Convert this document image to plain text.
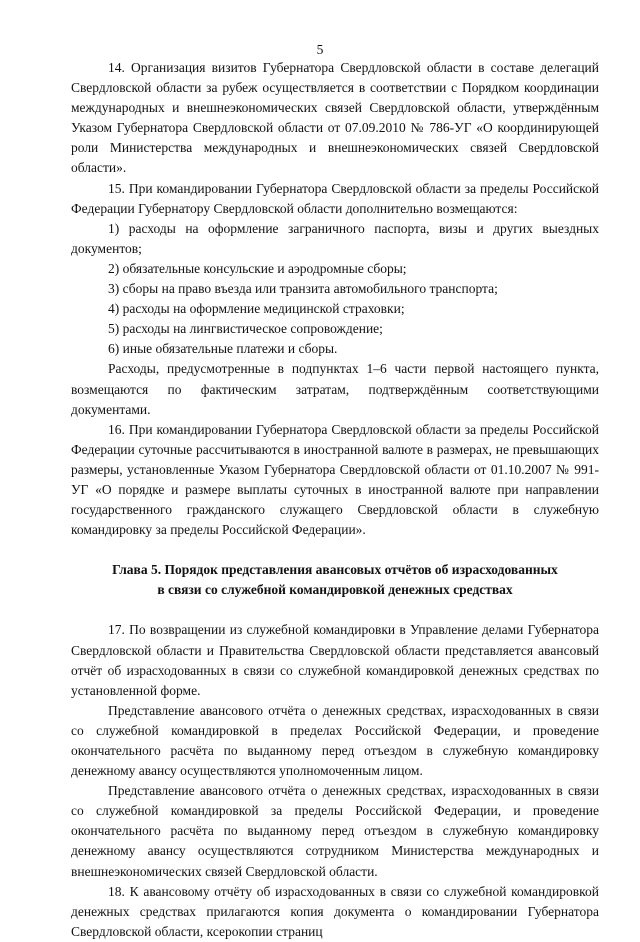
5

14. Организация визитов Губернатора Свердловской области в составе делегаций Свердловской области за рубеж осуществляется в соответствии с Порядком координации международных и внешнеэкономических связей Свердловской области, утверждённым Указом Губернатора Свердловской области от 07.09.2010 № 786-УГ «О координирующей роли Министерства международных и внешнеэкономических связей Свердловской области».

15. При командировании Губернатора Свердловской области за пределы Российской Федерации Губернатору Свердловской области дополнительно возмещаются:

1) расходы на оформление заграничного паспорта, визы и других выездных документов;

2) обязательные консульские и аэродромные сборы;

3) сборы на право въезда или транзита автомобильного транспорта;

4) расходы на оформление медицинской страховки;

5) расходы на лингвистическое сопровождение;

6) иные обязательные платежи и сборы.

Расходы, предусмотренные в подпунктах 1–6 части первой настоящего пункта, возмещаются по фактическим затратам, подтверждённым соответствующими документами.

16. При командировании Губернатора Свердловской области за пределы Российской Федерации суточные рассчитываются в иностранной валюте в размерах, не превышающих размеры, установленные Указом Губернатора Свердловской области от 01.10.2007 № 991-УГ «О порядке и размере выплаты суточных в иностранной валюте при направлении государственного гражданского служащего Свердловской области в служебную командировку за пределы Российской Федерации».

Глава 5. Порядок представления авансовых отчётов об израсходованных
в связи со служебной командировкой денежных средствах

17. По возвращении из служебной командировки в Управление делами Губернатора Свердловской области и Правительства Свердловской области представляется авансовый отчёт об израсходованных в связи со служебной командировкой денежных средствах по установленной форме.

Представление авансового отчёта о денежных средствах, израсходованных в связи со служебной командировкой в пределах Российской Федерации, и проведение окончательного расчёта по выданному перед отъездом в служебную командировку денежному авансу осуществляются уполномоченным лицом.

Представление авансового отчёта о денежных средствах, израсходованных в связи со служебной командировкой за пределы Российской Федерации, и проведение окончательного расчёта по выданному перед отъездом в служебную командировку денежному авансу осуществляются сотрудником Министерства международных и внешнеэкономических связей Свердловской области.

18. К авансовому отчёту об израсходованных в связи со служебной командировкой денежных средствах прилагаются копия документа о командировании Губернатора Свердловской области, ксерокопии страниц
